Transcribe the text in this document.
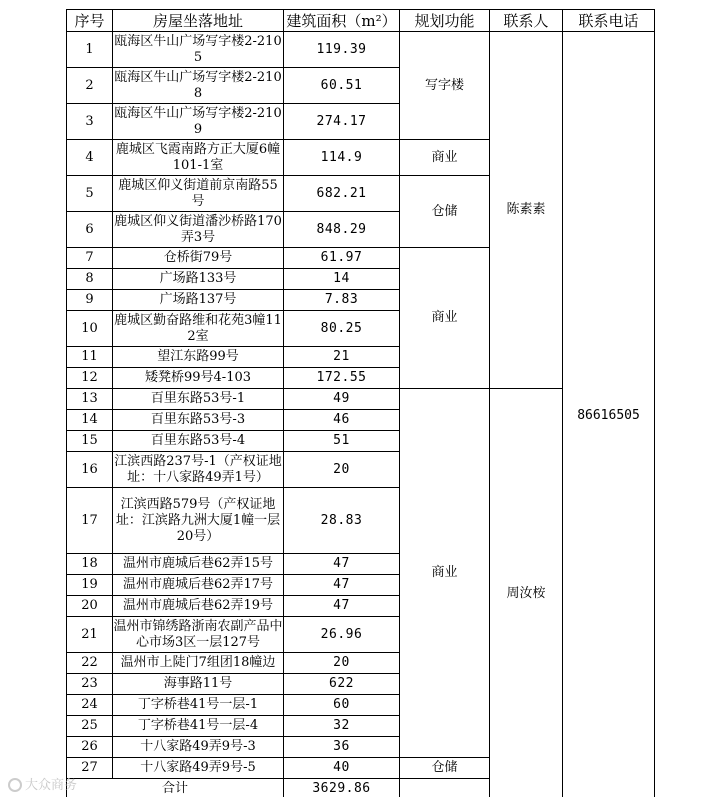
序号	房屋坐落地址	建筑面积（m²）	规划功能	联系人	联系电话	
1	瓯海区牛山广场写字楼2-2105	119.39	写字楼	陈素素	86616505	
2	瓯海区牛山广场写字楼2-2108	60.51				
3	瓯海区牛山广场写字楼2-2109	274.17				
4	鹿城区飞霞南路方正大厦6幢101-1室	114.9	商业			
5	鹿城区仰义街道前京南路55号	682.21	仓储			
6	鹿城区仰义街道潘沙桥路170弄3号	848.29				
7	仓桥街79号	61.97	商业			
8	广场路133号	14				
9	广场路137号	7.83				
10	鹿城区勤奋路维和花苑3幢112室	80.25				
11	望江东路99号	21				
12	矮凳桥99号4-103	172.55				
13	百里东路53号-1	49	商业	周汝桉		
14	百里东路53号-3	46				
15	百里东路53号-4	51				
16	江滨西路237号-1（产权证地址：十八家路49弄1号）	20				
17	江滨西路579号（产权证地址：江滨路九洲大厦1幢一层20号）	28.83				
18	温州市鹿城后巷62弄15号	47				
19	温州市鹿城后巷62弄17号	47				
20	温州市鹿城后巷62弄19号	47				
21	温州市锦绣路浙南农副产品中心市场3区一层127号	26.96				
22	温州市上陡门7组团18幢边	20				
23	海事路11号	622				
24	丁字桥巷41号一层-1	60				
25	丁字桥巷41号一层-4	32				
26	十八家路49弄9号-3	36				
27	十八家路49弄9号-5	40	仓储			
合计		3629.86				
大众商务
